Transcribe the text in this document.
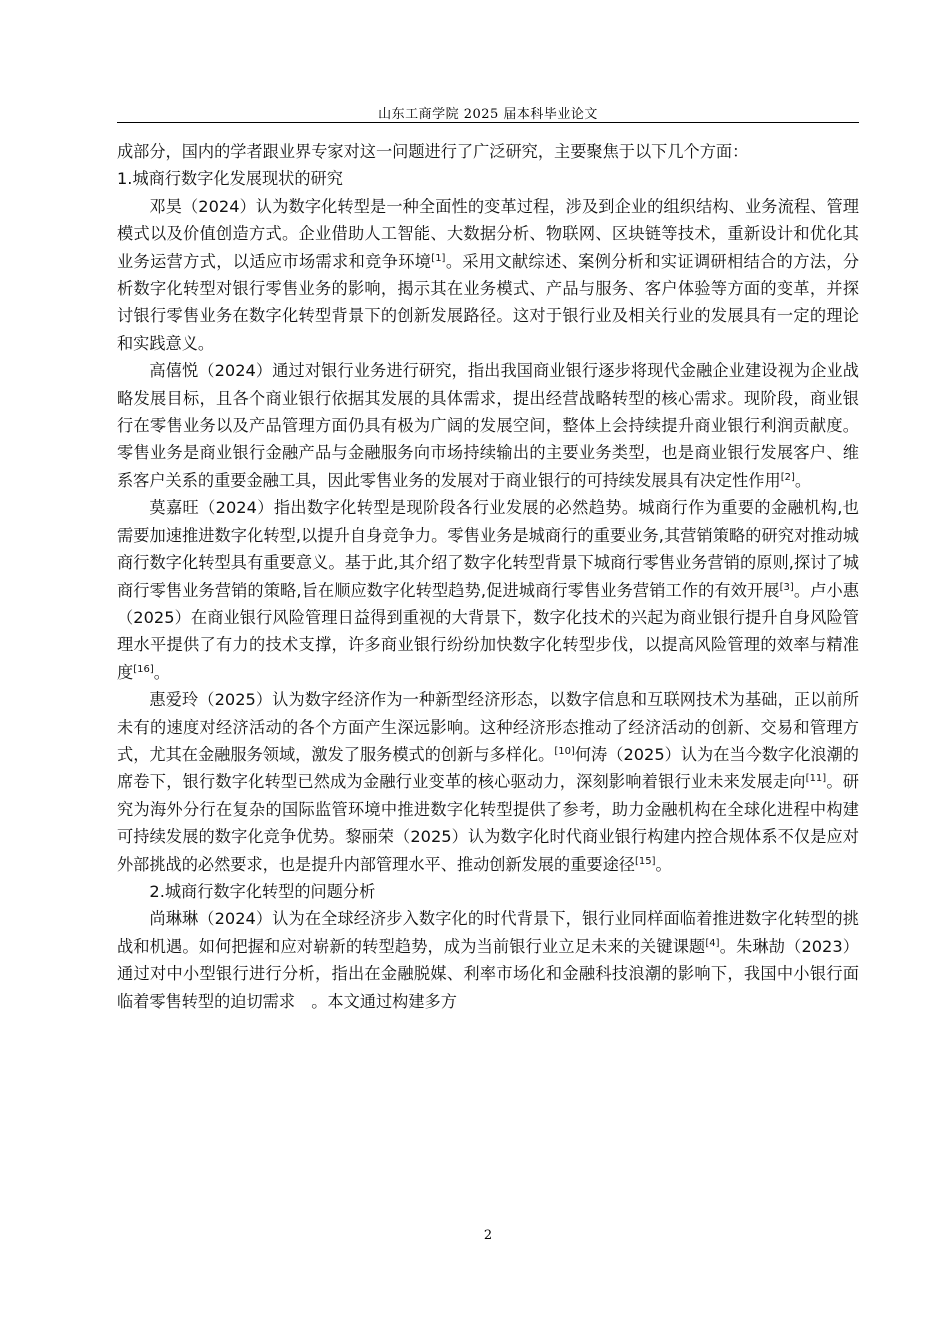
山东工商学院 2025 届本科毕业论文

成部分，国内的学者跟业界专家对这一问题进行了广泛研究，主要聚焦于以下几个方面：

1.城商行数字化发展现状的研究

邓昊（2024）认为数字化转型是一种全面性的变革过程，涉及到企业的组织结构、业务流程、管理模式以及价值创造方式。企业借助人工智能、大数据分析、物联网、区块链等技术，重新设计和优化其业务运营方式，以适应市场需求和竞争环境[1]。采用文献综述、案例分析和实证调研相结合的方法，分析数字化转型对银行零售业务的影响，揭示其在业务模式、产品与服务、客户体验等方面的变革，并探讨银行零售业务在数字化转型背景下的创新发展路径。这对于银行业及相关行业的发展具有一定的理论和实践意义。

高僖悦（2024）通过对银行业务进行研究，指出我国商业银行逐步将现代金融企业建设视为企业战略发展目标，且各个商业银行依据其发展的具体需求，提出经营战略转型的核心需求。现阶段，商业银行在零售业务以及产品管理方面仍具有极为广阔的发展空间，整体上会持续提升商业银行利润贡献度。零售业务是商业银行金融产品与金融服务向市场持续输出的主要业务类型，也是商业银行发展客户、维系客户关系的重要金融工具，因此零售业务的发展对于商业银行的可持续发展具有决定性作用[2]。

莫嘉旺（2024）指出数字化转型是现阶段各行业发展的必然趋势。城商行作为重要的金融机构,也需要加速推进数字化转型,以提升自身竞争力。零售业务是城商行的重要业务,其营销策略的研究对推动城商行数字化转型具有重要意义。基于此,其介绍了数字化转型背景下城商行零售业务营销的原则,探讨了城商行零售业务营销的策略,旨在顺应数字化转型趋势,促进城商行零售业务营销工作的有效开展[3]。卢小惠（2025）在商业银行风险管理日益得到重视的大背景下，数字化技术的兴起为商业银行提升自身风险管理水平提供了有力的技术支撑，许多商业银行纷纷加快数字化转型步伐，以提高风险管理的效率与精准度[16]。

惠爱玲（2025）认为数字经济作为一种新型经济形态，以数字信息和互联网技术为基础，正以前所未有的速度对经济活动的各个方面产生深远影响。这种经济形态推动了经济活动的创新、交易和管理方式，尤其在金融服务领域，激发了服务模式的创新与多样化。[10]何涛（2025）认为在当今数字化浪潮的席卷下，银行数字化转型已然成为金融行业变革的核心驱动力，深刻影响着银行业未来发展走向[11]。研究为海外分行在复杂的国际监管环境中推进数字化转型提供了参考，助力金融机构在全球化进程中构建可持续发展的数字化竞争优势。黎丽荣（2025）认为数字化时代商业银行构建内控合规体系不仅是应对外部挑战的必然要求，也是提升内部管理水平、推动创新发展的重要途径[15]。

2.城商行数字化转型的问题分析

尚琳琳（2024）认为在全球经济步入数字化的时代背景下，银行业同样面临着推进数字化转型的挑战和机遇。如何把握和应对崭新的转型趋势，成为当前银行业立足未来的关键课题[4]。朱琳劼（2023）通过对中小型银行进行分析，指出在金融脱媒、利率市场化和金融科技浪潮的影响下，我国中小银行面临着零售转型的迫切需求　。本文通过构建多方

2
